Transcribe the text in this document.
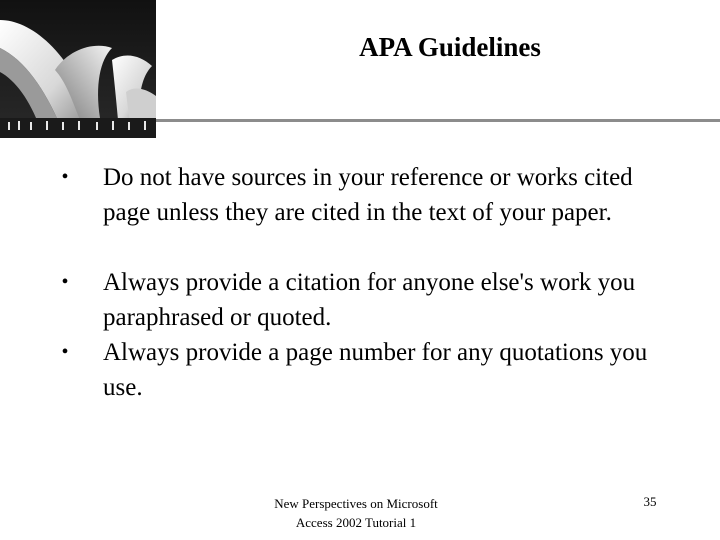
APA Guidelines
• Do not have sources in your reference or works cited page unless they are cited in the text of your paper.
• Always provide a citation for anyone else's work you paraphrased or quoted.
• Always provide a page number for any quotations you use.
New Perspectives on Microsoft
Access 2002 Tutorial 1
35
